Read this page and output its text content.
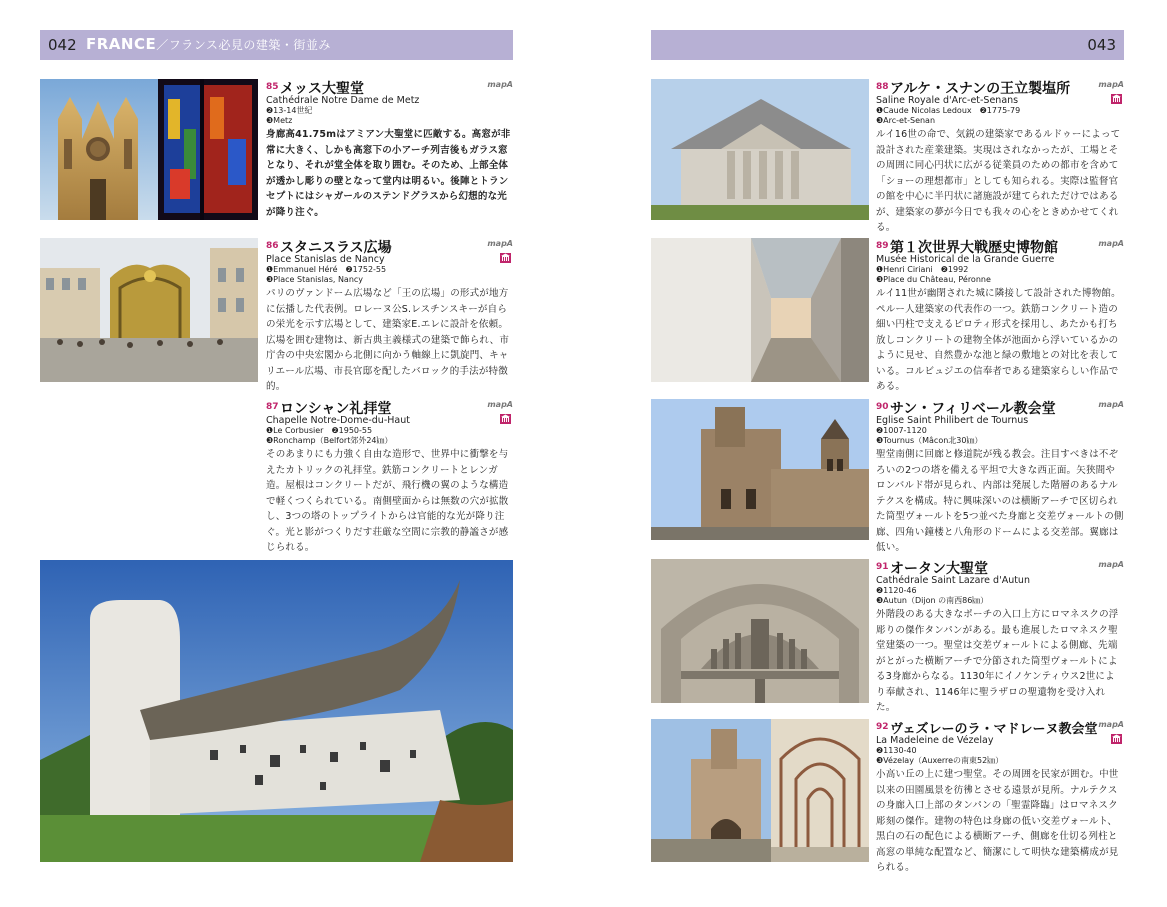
042 FRANCE／フランス必見の建築・街並み	043
85 メッス大聖堂	mapA
Cathédrale Notre Dame de Metz
❷13-14世紀
❸Metz
身廊高41.75mはアミアン大聖堂に匹敵する。高窓が非常に大きく、しかも高窓下の小アーチ列吉後もガラス窓となり、それが堂全体を取り囲む。そのため、上部全体が透かし彫りの壁となって堂内は明るい。後陣とトランセプトにはシャガールのステンドグラスから幻想的な光が降り注ぐ。
86 スタニスラス広場	mapA
Place Stanislas de Nancy
❶Emmanuel Héré　❷1752-55
❸Place Stanislas, Nancy
パリのヴァンドーム広場など「王の広場」の形式が地方に伝播した代表例。ロレーヌ公S.レスチンスキーが自らの栄光を示す広場として、建築家E.エレに設計を依頼。広場を囲む建物は、新古典主義様式の建築で飾られ、市庁舎の中央宏閣から北側に向かう軸線上に凱旋門、キャリエール広場、市長官邸を配したバロック的手法が特徴的。
87 ロンシャン礼拝堂	mapA
Chapelle Notre-Dome-du-Haut
❶Le Corbusier　❷1950-55
❸Ronchamp（Belfort郊外24㎞）
そのあまりにも力強く自由な造形で、世界中に衝撃を与えたカトリックの礼拝堂。鉄筋コンクリートとレンガ造。屋根はコンクリートだが、飛行機の翼のような構造で軽くつくられている。南側壁面からは無数の穴が拡散し、3つの塔のトップライトからは官能的な光が降り注ぐ。光と影がつくりだす荘厳な空間に宗教的静謐さが感じられる。
88 アルケ・スナンの王立製塩所	mapA
Saline Royale d'Arc-et-Senans
❶Caude Nicolas Ledoux　❷1775-79
❸Arc-et-Senan
ルイ16世の命で、気鋭の建築家であるルドゥーによって設計された産業建築。実現はされなかったが、工場とその周囲に同心円状に広がる従業員のための都市を含めて「ショーの理想都市」としても知られる。実際は監督官の館を中心に半円状に諸施設が建てられただけではあるが、建築家の夢が今日でも我々の心をときめかせてくれる。
89 第１次世界大戦歴史博物館	mapA
Musée Historical de la Grande Guerre
❶Henri Ciriani　❷1992
❸Place du Château, Péronne
ルイ11世が幽閉された城に隣接して設計された博物館。ペルー人建築家の代表作の一つ。鉄筋コンクリート造の細い円柱で支えるピロティ形式を採用し、あたかも打ち放しコンクリートの建物全体が池面から浮いているかのように見せ、自然豊かな池と緑の敷地との対比を表している。コルビュジエの信奉者である建築家らしい作品である。
90 サン・フィリベール教会堂	mapA
Eglise Saint Philibert de Tournus
❷1007-1120
❸Tournus（Mâcon北30㎞）
聖堂南側に回廊と修道院が残る教会。注目すべきは不ぞろいの2つの塔を備える平坦で大きな西正面。矢狭間やロンバルド帯が見られ、内部は発展した階層のあるナルテクスを構成。特に興味深いのは横断アーチで区切られた筒型ヴォールトを5つ並べた身廊と交差ヴォールトの側廊、四角い鐘楼と八角形のドームによる交差部。翼廊は低い。
91 オータン大聖堂	mapA
Cathédrale Saint Lazare d'Autun
❷1120-46
❸Autun（Dijon の南西86㎞）
外階段のある大きなポーチの入口上方にロマネスクの浮彫りの傑作タンパンがある。最も進展したロマネスク聖堂建築の一つ。聖堂は交差ヴォールトによる側廊、先端がとがった横断アーチで分節された筒型ヴォールトによる3身廊からなる。1130年にイノケンティウス2世により奉献され、1146年に聖ラザロの聖遺物を受け入れた。
92 ヴェズレーのラ・マドレーヌ教会堂 mapA
La Madeleine de Vézelay
❷1130-40
❸Vézelay（Auxerreの南東52㎞）
小高い丘の上に建つ聖堂。その周囲を民家が囲む。中世以来の田園風景を彷彿とさせる遠景が見所。ナルテクスの身廊入口上部のタンパンの「聖霊降臨」はロマネスク彫刻の傑作。建物の特色は身廊の低い交差ヴォールト、黒白の石の配色による横断アーチ、側廊を仕切る列柱と高窓の単純な配置など、簡潔にして明快な建築構成が見られる。
